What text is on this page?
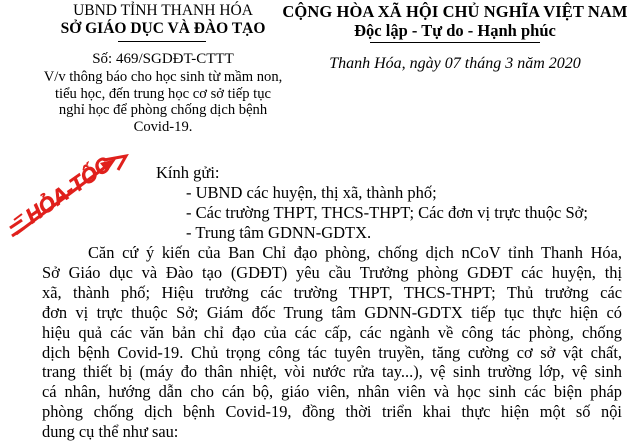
UBND TỈNH THANH HÓA
SỞ GIÁO DỤC VÀ ĐÀO TẠO
Số: 469/SGDĐT-CTTT
V/v thông báo cho học sinh từ mầm non,
tiểu học, đến trung học cơ sở tiếp tục
nghỉ học để phòng chống dịch bệnh
Covid-19.
CỘNG HÒA XÃ HỘI CHỦ NGHĨA VIỆT NAM
Độc lập - Tự do - Hạnh phúc
Thanh Hóa, ngày 07 tháng 3 năm 2020
HỎA-TỐC Kính gửi:
- UBND các huyện, thị xã, thành phố;
- Các trường THPT, THCS-THPT; Các đơn vị trực thuộc Sở;
- Trung tâm GDNN-GDTX.

Căn cứ ý kiến của Ban Chỉ đạo phòng, chống dịch nCoV tỉnh Thanh Hóa,
Sở Giáo dục và Đào tạo (GDĐT) yêu cầu Trưởng phòng GDĐT các huyện, thị
xã, thành phố; Hiệu trưởng các trường THPT, THCS-THPT; Thủ trưởng các
đơn vị trực thuộc Sở; Giám đốc Trung tâm GDNN-GDTX tiếp tục thực hiện có
hiệu quả các văn bản chỉ đạo của các cấp, các ngành về công tác phòng, chống
dịch bệnh Covid-19. Chủ trọng công tác tuyên truyền, tăng cường cơ sở vật chất,
trang thiết bị (máy đo thân nhiệt, vòi nước rửa tay...), vệ sinh trường lớp, vệ sinh
cá nhân, hướng dẫn cho cán bộ, giáo viên, nhân viên và học sinh các biện pháp
phòng chống dịch bệnh Covid-19, đồng thời triển khai thực hiện một số nội
dung cụ thể như sau:
